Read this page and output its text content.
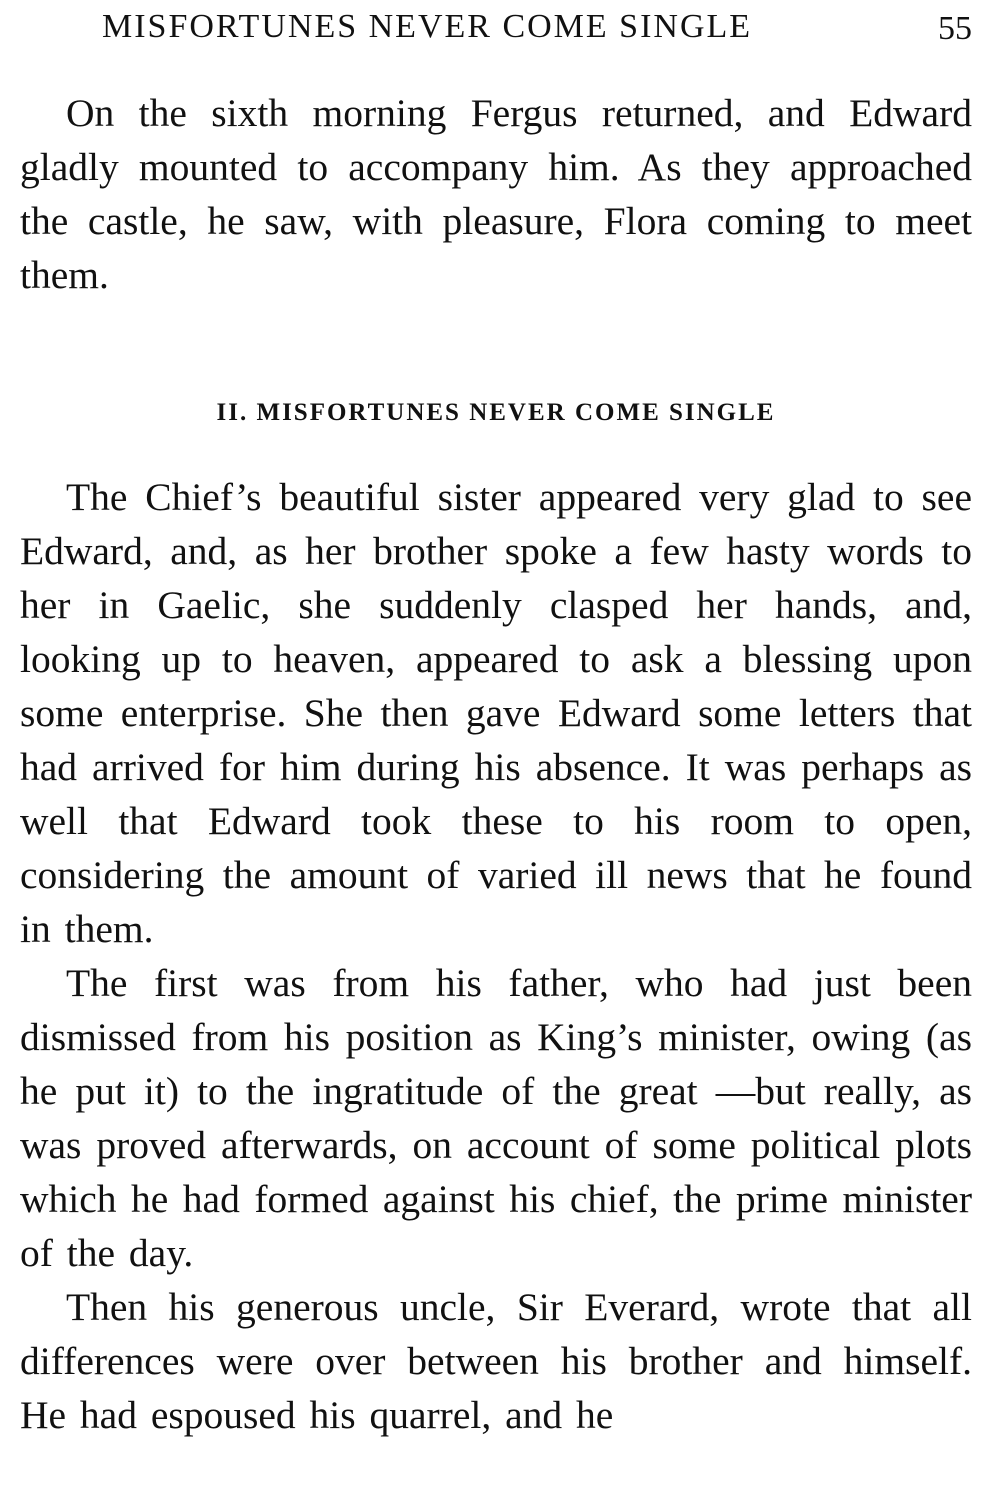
MISFORTUNES NEVER COME SINGLE	55

On the sixth morning Fergus returned, and Edward gladly mounted to accompany him. As they approached the castle, he saw, with pleasure, Flora coming to meet them.

II. MISFORTUNES NEVER COME SINGLE

The Chief’s beautiful sister appeared very glad to see Edward, and, as her brother spoke a few hasty words to her in Gaelic, she suddenly clasped her hands, and, looking up to heaven, appeared to ask a blessing upon some enterprise. She then gave Edward some letters that had arrived for him during his absence. It was perhaps as well that Edward took these to his room to open, considering the amount of varied ill news that he found in them.

The first was from his father, who had just been dismissed from his position as King’s minister, owing (as he put it) to the ingratitude of the great —but really, as was proved afterwards, on account of some political plots which he had formed against his chief, the prime minister of the day.

Then his generous uncle, Sir Everard, wrote that all differences were over between his brother and himself. He had espoused his quarrel, and he
